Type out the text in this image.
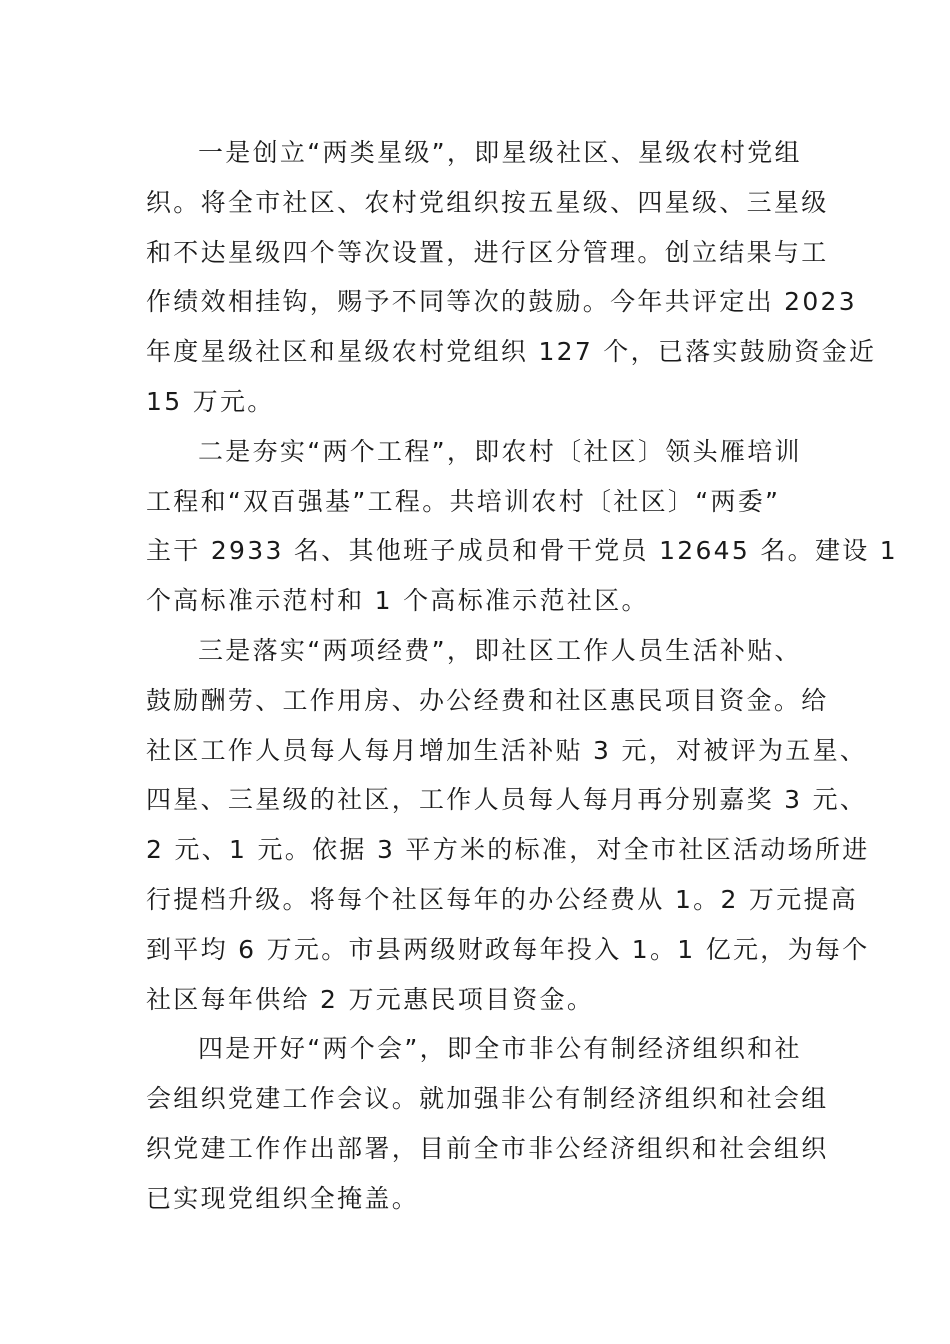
一是创立“两类星级”，即星级社区、星级农村党组
织。将全市社区、农村党组织按五星级、四星级、三星级
和不达星级四个等次设置，进行区分管理。创立结果与工
作绩效相挂钩，赐予不同等次的鼓励。今年共评定出 2023
年度星级社区和星级农村党组织 127 个，已落实鼓励资金近
15 万元。

二是夯实“两个工程”，即农村〔社区〕领头雁培训
工程和“双百强基”工程。共培训农村〔社区〕“两委”
主干 2933 名、其他班子成员和骨干党员 12645 名。建设 1
个高标准示范村和 1 个高标准示范社区。

三是落实“两项经费”，即社区工作人员生活补贴、
鼓励酬劳、工作用房、办公经费和社区惠民项目资金。给
社区工作人员每人每月增加生活补贴 3 元，对被评为五星、
四星、三星级的社区，工作人员每人每月再分别嘉奖 3 元、
2 元、1 元。依据 3 平方米的标准，对全市社区活动场所进
行提档升级。将每个社区每年的办公经费从 1。2 万元提高
到平均 6 万元。市县两级财政每年投入 1。1 亿元，为每个
社区每年供给 2 万元惠民项目资金。

四是开好“两个会”，即全市非公有制经济组织和社
会组织党建工作会议。就加强非公有制经济组织和社会组
织党建工作作出部署，目前全市非公经济组织和社会组织
已实现党组织全掩盖。
